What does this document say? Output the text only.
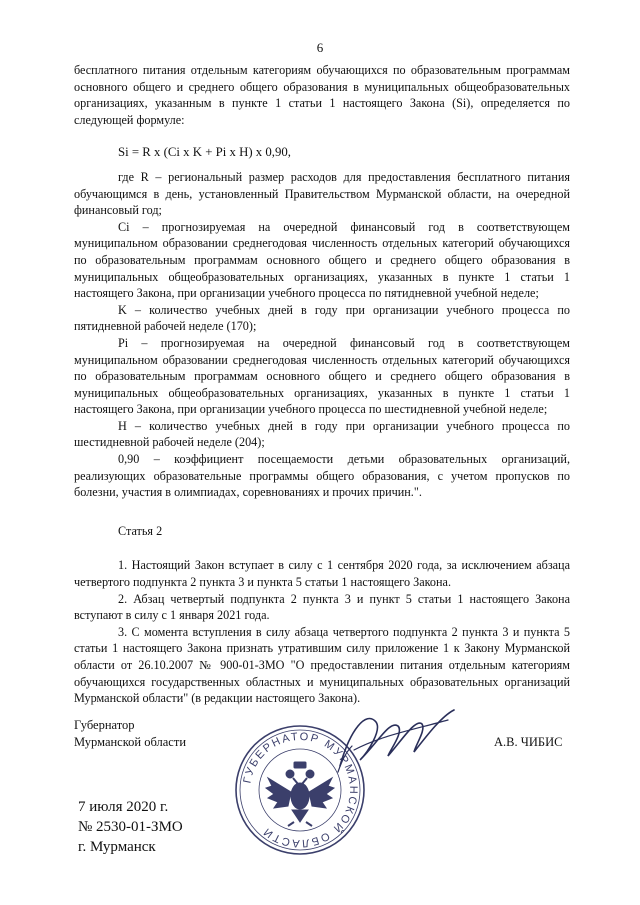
6

бесплатного питания отдельным категориям обучающихся по образовательным программам основного общего и среднего общего образования в муниципальных общеобразовательных организациях, указанным в пункте 1 статьи 1 настоящего Закона (Si), определяется по следующей формуле:

Si = R x (Ci x K + Pi x H) x 0,90,

где R – региональный размер расходов для предоставления бесплатного питания обучающимся в день, установленный Правительством Мурманской области, на очередной финансовый год;

Ci – прогнозируемая на очередной финансовый год в соответствующем муниципальном образовании среднегодовая численность отдельных категорий обучающихся по образовательным программам основного общего и среднего общего образования в муниципальных общеобразовательных организациях, указанных в пункте 1 статьи 1 настоящего Закона, при организации учебного процесса по пятидневной учебной неделе;

K – количество учебных дней в году при организации учебного процесса по пятидневной рабочей неделе (170);

Pi – прогнозируемая на очередной финансовый год в соответствующем муниципальном образовании среднегодовая численность отдельных категорий обучающихся по образовательным программам основного общего и среднего общего образования в муниципальных общеобразовательных организациях, указанных в пункте 1 статьи 1 настоящего Закона, при организации учебного процесса по шестидневной учебной неделе;

H – количество учебных дней в году при организации учебного процесса по шестидневной рабочей неделе (204);

0,90 – коэффициент посещаемости детьми образовательных организаций, реализующих образовательные программы общего образования, с учетом пропусков по болезни, участия в олимпиадах, соревнованиях и прочих причин.".

Статья 2

1. Настоящий Закон вступает в силу с 1 сентября 2020 года, за исключением абзаца четвертого подпункта 2 пункта 3 и пункта 5 статьи 1 настоящего Закона.

2. Абзац четвертый подпункта 2 пункта 3 и пункт 5 статьи 1 настоящего Закона вступают в силу с 1 января 2021 года.

3. С момента вступления в силу абзаца четвертого подпункта 2 пункта 3 и пункта 5 статьи 1 настоящего Закона признать утратившим силу приложение 1 к Закону Мурманской области от 26.10.2007 № 900-01-ЗМО "О предоставлении питания отдельным категориям обучающихся государственных областных и муниципальных образовательных организаций Мурманской области" (в редакции настоящего Закона).

Губернатор

Мурманской области	А.В. ЧИБИС

ГУБЕРНАТОР МУРМАНСКОЙ ОБЛАСТИ

7 июля 2020 г.

№ 2530-01-ЗМО

г. Мурманск
